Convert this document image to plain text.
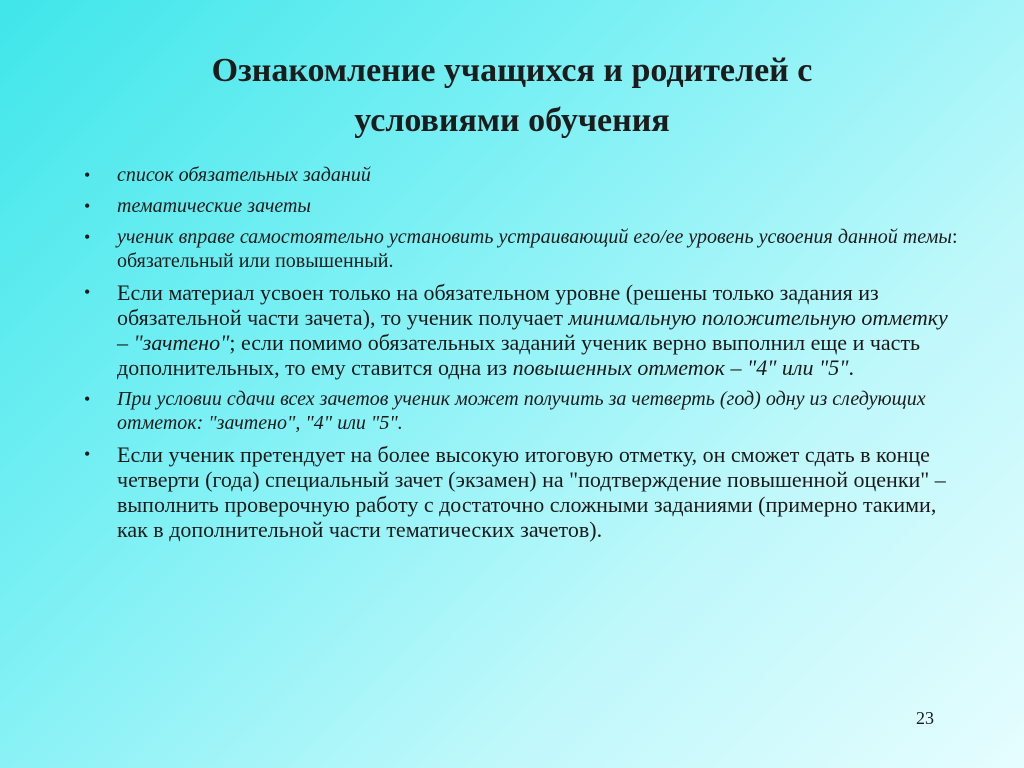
Ознакомление учащихся и родителей с
условиями обучения
• список обязательных заданий
• тематические зачеты
• ученик вправе самостоятельно установить устраивающий его/ее уровень усвоения данной темы: обязательный или повышенный.
• Если материал усвоен только на обязательном уровне (решены только задания из обязательной части зачета), то ученик получает минимальную положительную отметку – "зачтено"; если помимо обязательных заданий ученик верно выполнил еще и часть дополнительных, то ему ставится одна из повышенных отметок – "4" или "5".
• При условии сдачи всех зачетов ученик может получить за четверть (год) одну из следующих отметок: "зачтено", "4" или "5".
• Если ученик претендует на более высокую итоговую отметку, он сможет сдать в конце четверти (года) специальный зачет (экзамен) на "подтверждение повышенной оценки" – выполнить проверочную работу с достаточно сложными заданиями (примерно такими, как в дополнительной части тематических зачетов).
23
